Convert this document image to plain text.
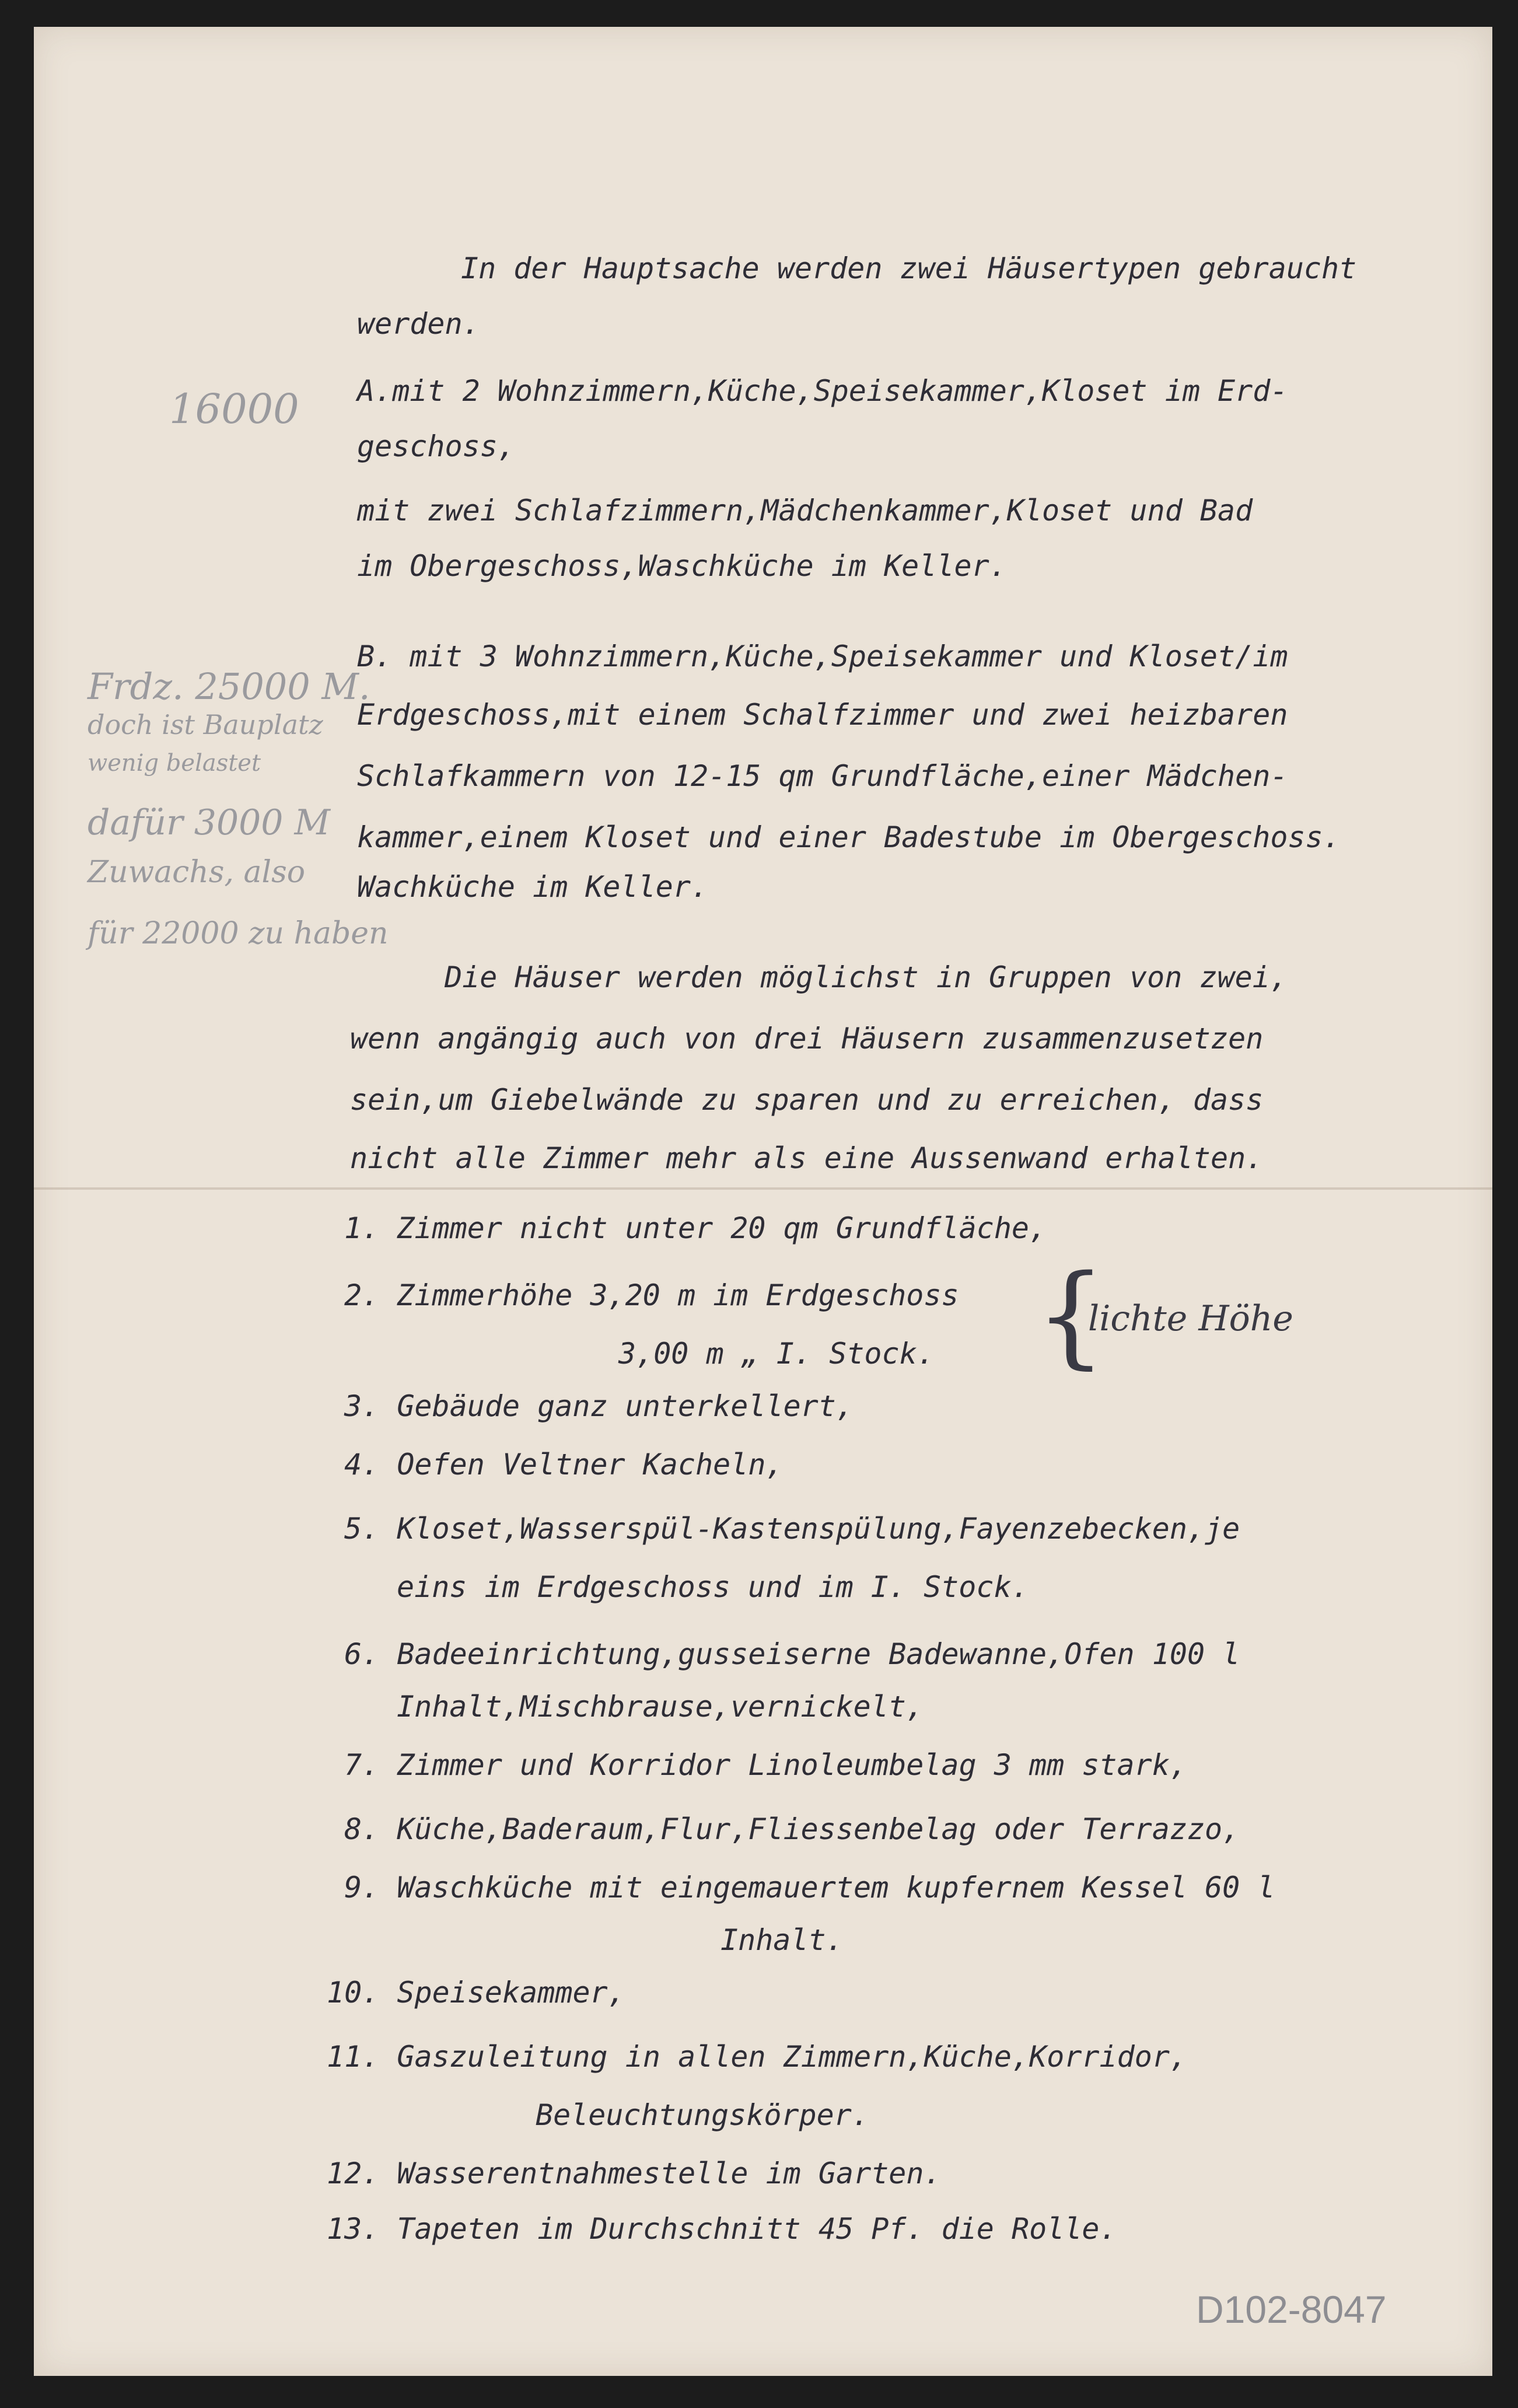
In der Hauptsache werden zwei Häusertypen gebraucht
werden.
A.mit 2 Wohnzimmern,Küche,Speisekammer,Kloset im Erd-
geschoss,
mit zwei Schlafzimmern,Mädchenkammer,Kloset und Bad
im Obergeschoss,Waschküche im Keller.
B. mit 3 Wohnzimmern,Küche,Speisekammer und Kloset/im
Erdgeschoss,mit einem Schalfzimmer und zwei heizbaren
Schlafkammern von 12-15 qm Grundfläche,einer Mädchen-
kammer,einem Kloset und einer Badestube im Obergeschoss.
Wachküche im Keller.
Die Häuser werden möglichst in Gruppen von zwei,
wenn angängig auch von drei Häusern zusammenzusetzen
sein,um Giebelwände zu sparen und zu erreichen, dass
nicht alle Zimmer mehr als eine Aussenwand erhalten.
1. Zimmer nicht unter 20 qm Grundfläche,
2. Zimmerhöhe 3,20 m im Erdgeschoss
3,00 m „ I. Stock.
3. Gebäude ganz unterkellert,
4. Oefen Veltner Kacheln,
5. Kloset,Wasserspül-Kastenspülung,Fayenzebecken,je
eins im Erdgeschoss und im I. Stock.
6. Badeeinrichtung,gusseiserne Badewanne,Ofen 100 l
Inhalt,Mischbrause,vernickelt,
7. Zimmer und Korridor Linoleumbelag 3 mm stark,
8. Küche,Baderaum,Flur,Fliessenbelag oder Terrazzo,
9. Waschküche mit eingemauertem kupfernem Kessel 60 l
Inhalt.
10. Speisekammer,
11. Gaszuleitung in allen Zimmern,Küche,Korridor,
Beleuchtungskörper.
12. Wasserentnahmestelle im Garten.
13. Tapeten im Durchschnitt 45 Pf. die Rolle.
{
lichte Höhe
16000
Frdz. 25000 M.
doch ist Bauplatz
wenig belastet
dafür 3000 M
Zuwachs, also
für 22000 zu haben
D102-8047
